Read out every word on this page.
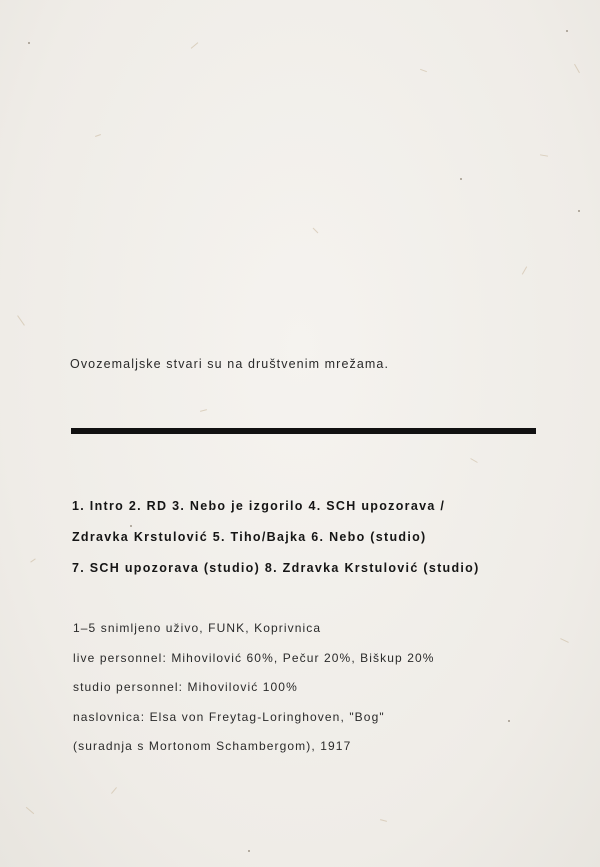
Ovozemaljske stvari su na društvenim mrežama.
1. Intro 2. RD 3. Nebo je izgorilo 4. SCH upozorava /
Zdravka Krstulović 5. Tiho/Bajka 6. Nebo (studio)
7. SCH upozorava (studio) 8. Zdravka Krstulović (studio)
1–5 snimljeno uživo, FUNK, Koprivnica
live personnel: Mihovilović 60%, Pečur 20%, Biškup 20%
studio personnel: Mihovilović 100%
naslovnica: Elsa von Freytag-Loringhoven, "Bog"
(suradnja s Mortonom Schambergom), 1917
